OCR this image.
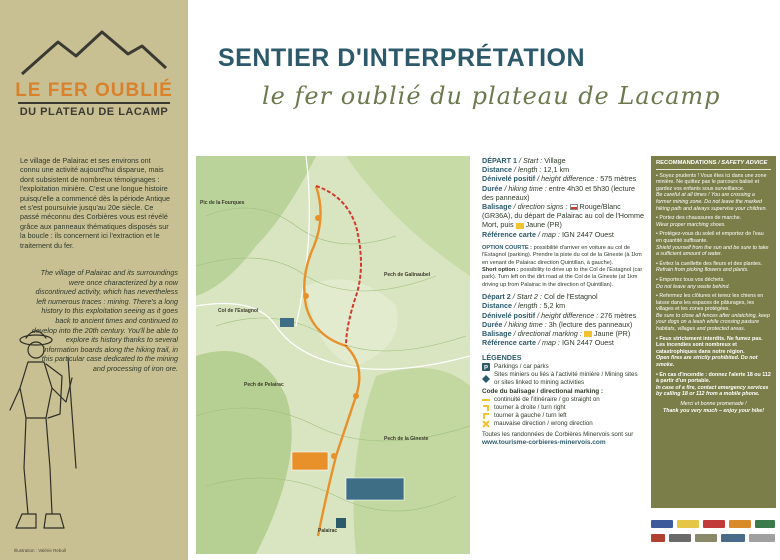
LE FER OUBLIÉ
DU PLATEAU DE LACAMP
Le village de Palairac et ses environs ont connu une activité aujourd'hui disparue, mais dont subsistent de nombreux témoignages : l'exploitation minière. C'est une longue histoire puisqu'elle a commencé dès la période Antique et s'est poursuivie jusqu'au 20e siècle. Ce passé méconnu des Corbières vous est révélé grâce aux panneaux thématiques disposés sur la boucle : ils concernent ici l'extraction et le traitement du fer.
The village of Palairac and its surroundings were once characterized by a now discontinued activity, which has nevertheless left numerous traces : mining. There's a long history to this exploitation seeing as it goes back to ancient times and continued to develop into the 20th century. You'll be able to explore its history thanks to several information boards along the hiking trail, in this particular case dedicated to the mining and processing of iron ore.
Illustration : Valérie Rebull
SENTIER D'INTERPRÉTATION
le fer oublié du plateau de Lacamp
Palairac
Pech de Galinaubel
Pech de Pelairac
Pic de la Fourques
Col de l'Estagnol
Pech de la Gineste
DÉPART 1 / Start : Village
Distance / length : 12,1 km
Dénivelé positif / height difference : 575 mètres
Durée / hiking time : entre 4h30 et 5h30 (lecture des panneaux)
Balisage / direction signs : Rouge/Blanc (GR36A), du départ de Palairac au col de l'Homme Mort, puis Jaune (PR)
Référence carte / map : IGN 2447 Ouest
OPTION COURTE : possibilité d'arriver en voiture au col de l'Estagnol (parking). Prendre la piste du col de la Gineste (à 1km en venant de Palairac direction Quintillan, à gauche).
Short option : possibility to drive up to the Col de l'Estagnol (car park). Turn left on the dirt road at the Col de la Gineste (at 1km driving up from Palairac in the direction of Quintillan).
Départ 2 / Start 2 : Col de l'Estagnol
Distance / length : 5,2 km
Dénivelé positif / height difference : 276 mètres
Durée / hiking time : 3h (lecture des panneaux)
Balisage / directional marking : Jaune (PR)
Référence carte / map : IGN 2447 Ouest
LÉGENDES
P Parkings / car parks
Sites miniers ou liés à l'activité minière / Mining sites or sites linked to mining activities
Code du balisage / directional marking :
continuité de l'itinéraire / go straight on
tourner à droite / turn right
tourner à gauche / turn left
mauvaise direction / wrong direction
Toutes les randonnées de Corbières Minervois sont sur
www.tourisme-corbieres-minervois.com
RECOMMANDATIONS / SAFETY ADVICE

• Soyez prudents ! Vous êtes ici dans une zone minière. Ne quittez pas le parcours balisé et gardez vos enfants sous surveillance.
Be careful at all times ! You are crossing a former mining zone. Do not leave the marked hiking path and always supervise your children.

• Portez des chaussures de marche.
Wear proper marching shoes.

• Protégez-vous du soleil et emportez de l'eau en quantité suffisante.
Shield yourself from the sun and be sure to take a sufficient amount of water.

• Évitez la cueillette des fleurs et des plantes.
Refrain from picking flowers and plants.

• Emportez tous vos déchets.
Do not leave any waste behind.

• Refermez les clôtures et tenez les chiens en laisse dans les espaces de pâturages, les villages et les zones protégées.
Be sure to close all fences after unlatching, keep your dogs on a leash while crossing pasture habitats, villages and protected areas.

• Feux strictement interdits. Ne fumez pas. Les incendies sont nombreux et catastrophiques dans notre région.
Open fires are strictly prohibited. Do not smoke.

• En cas d'incendie : donnez l'alerte 18 ou 112 à partir d'un portable.
In case of a fire, contact emergency services by calling 18 or 112 from a mobile phone.

Merci et bonne promenade !
Thank you very much – enjoy your hike!
